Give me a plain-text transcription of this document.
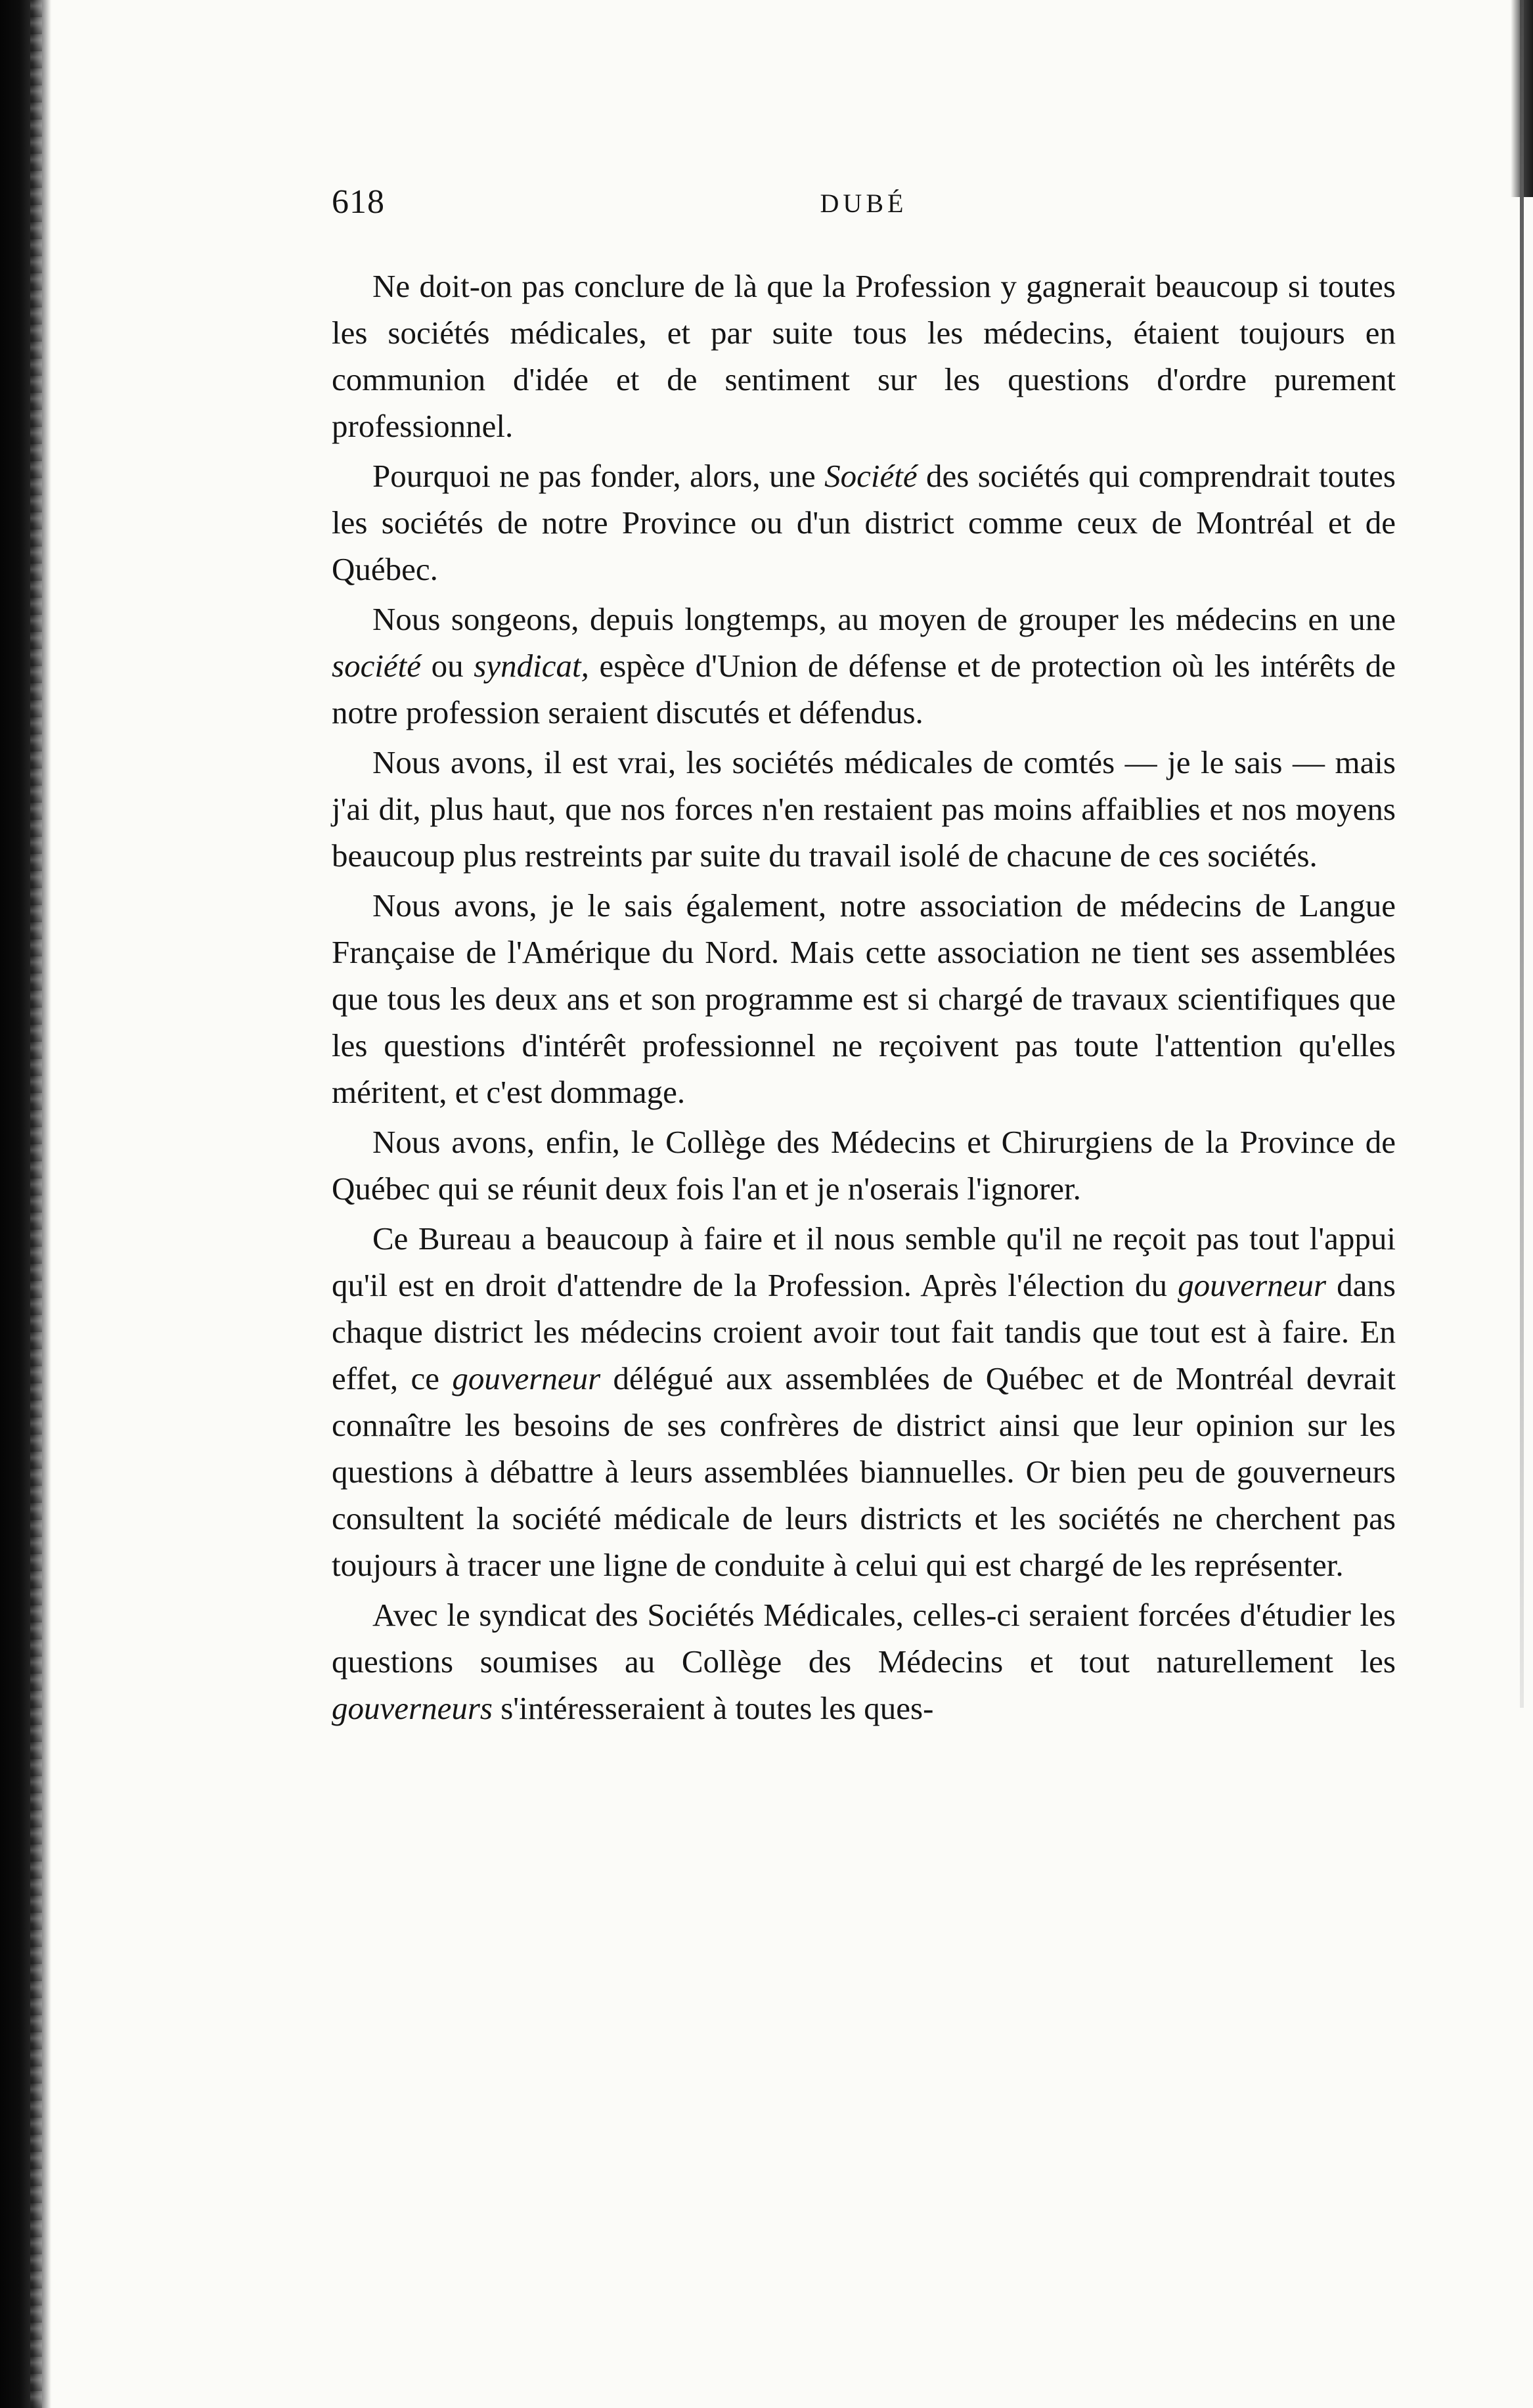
618	DUBÉ

Ne doit-on pas conclure de là que la Profession y gagnerait beaucoup si toutes les sociétés médicales, et par suite tous les médecins, étaient toujours en communion d'idée et de sentiment sur les questions d'ordre purement professionnel.

Pourquoi ne pas fonder, alors, une Société des sociétés qui comprendrait toutes les sociétés de notre Province ou d'un district comme ceux de Montréal et de Québec.

Nous songeons, depuis longtemps, au moyen de grouper les médecins en une société ou syndicat, espèce d'Union de défense et de protection où les intérêts de notre profession seraient discutés et défendus.

Nous avons, il est vrai, les sociétés médicales de comtés — je le sais — mais j'ai dit, plus haut, que nos forces n'en restaient pas moins affaiblies et nos moyens beaucoup plus restreints par suite du travail isolé de chacune de ces sociétés.

Nous avons, je le sais également, notre association de médecins de Langue Française de l'Amérique du Nord. Mais cette association ne tient ses assemblées que tous les deux ans et son programme est si chargé de travaux scientifiques que les questions d'intérêt professionnel ne reçoivent pas toute l'attention qu'elles méritent, et c'est dommage.

Nous avons, enfin, le Collège des Médecins et Chirurgiens de la Province de Québec qui se réunit deux fois l'an et je n'oserais l'ignorer.

Ce Bureau a beaucoup à faire et il nous semble qu'il ne reçoit pas tout l'appui qu'il est en droit d'attendre de la Profession. Après l'élection du gouverneur dans chaque district les médecins croient avoir tout fait tandis que tout est à faire. En effet, ce gouverneur délégué aux assemblées de Québec et de Montréal devrait connaître les besoins de ses confrères de district ainsi que leur opinion sur les questions à débattre à leurs assemblées biannuelles. Or bien peu de gouverneurs consultent la société médicale de leurs districts et les sociétés ne cherchent pas toujours à tracer une ligne de conduite à celui qui est chargé de les représenter.

Avec le syndicat des Sociétés Médicales, celles-ci seraient forcées d'étudier les questions soumises au Collège des Médecins et tout naturellement les gouverneurs s'intéresseraient à toutes les ques-
